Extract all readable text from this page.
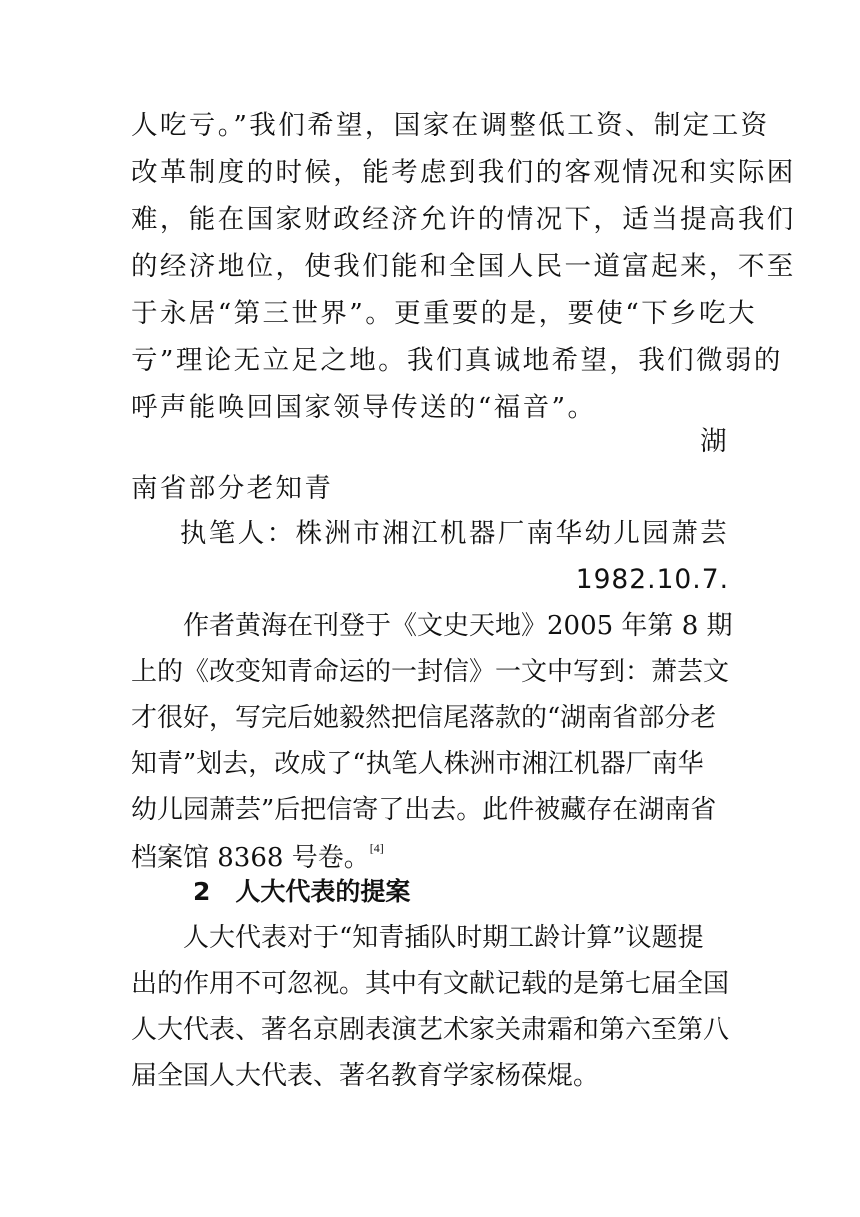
人吃亏。”我们希望，国家在调整低工资、制定工资
改革制度的时候，能考虑到我们的客观情况和实际困
难，能在国家财政经济允许的情况下，适当提高我们
的经济地位，使我们能和全国人民一道富起来，不至
于永居“第三世界”。更重要的是，要使“下乡吃大
亏”理论无立足之地。我们真诚地希望，我们微弱的
呼声能唤回国家领导传送的“福音”。
湖
南省部分老知青
执笔人：株洲市湘江机器厂南华幼儿园萧芸
1982.10.7.
作者黄海在刊登于《文史天地》2005 年第 8 期
上的《改变知青命运的一封信》一文中写到：萧芸文
才很好，写完后她毅然把信尾落款的“湖南省部分老
知青”划去，改成了“执笔人株洲市湘江机器厂南华
幼儿园萧芸”后把信寄了出去。此件被藏存在湖南省
档案馆 8368 号卷。[4]
2　人大代表的提案
人大代表对于“知青插队时期工龄计算”议题提
出的作用不可忽视。其中有文献记载的是第七届全国
人大代表、著名京剧表演艺术家关肃霜和第六至第八
届全国人大代表、著名教育学家杨葆焜。
